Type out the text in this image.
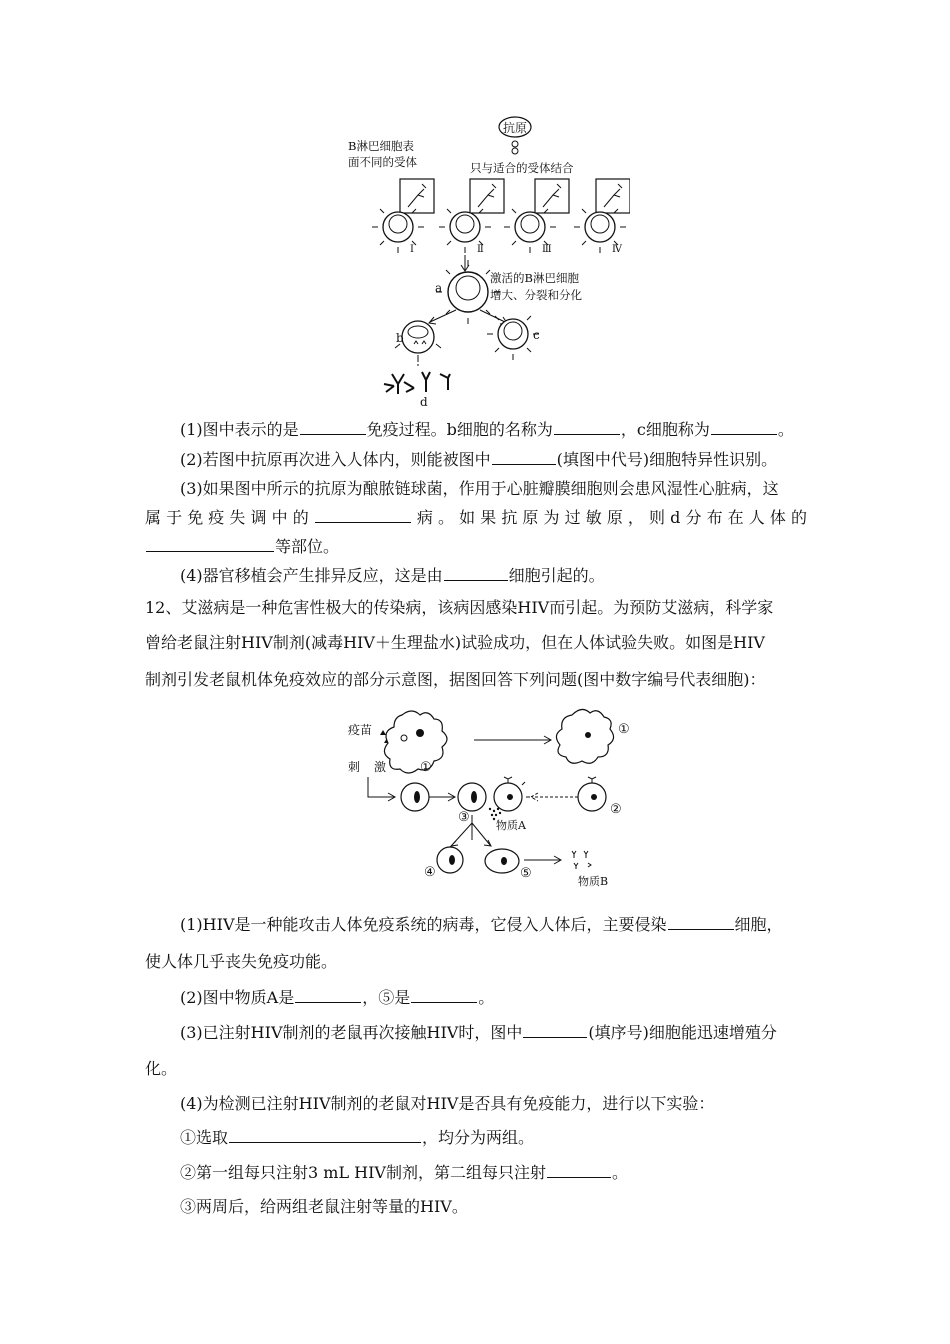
抗原
B淋巴细胞表
面不同的受体	只与适合的受体结合
Ⅰ	Ⅱ	Ⅲ	Ⅳ
a
激活的B淋巴细胞
增大、分裂和分化
b	c
d
(1)图中表示的是	免疫过程。b细胞的名称为	，c细胞称为	。
(2)若图中抗原再次进入人体内，则能被图中	(填图中代号)细胞特异性识别。
(3)如果图中所示的抗原为酿脓链球菌，作用于心脏瓣膜细胞则会患风湿性心脏病，这
属于免疫失调中的	病。如果抗原为过敏原，则d分布在人体的
等部位。
(4)器官移植会产生排异反应，这是由	细胞引起的。
12、艾滋病是一种危害性极大的传染病，该病因感染HIV而引起。为预防艾滋病，科学家
曾给老鼠注射HIV制剂(减毒HIV＋生理盐水)试验成功，但在人体试验失败。如图是HIV
制剂引发老鼠机体免疫效应的部分示意图，据图回答下列问题(图中数字编号代表细胞)：
疫苗
刺 激	①
①
③
物质A
②
④	⑤
物质B
(1)HIV是一种能攻击人体免疫系统的病毒，它侵入人体后，主要侵染	细胞，
使人体几乎丧失免疫功能。
(2)图中物质A是	，⑤是	。
(3)已注射HIV制剂的老鼠再次接触HIV时，图中	(填序号)细胞能迅速增殖分
化。
(4)为检测已注射HIV制剂的老鼠对HIV是否具有免疫能力，进行以下实验：
①选取	，均分为两组。
②第一组每只注射3 mL HIV制剂，第二组每只注射	。
③两周后，给两组老鼠注射等量的HIV。
